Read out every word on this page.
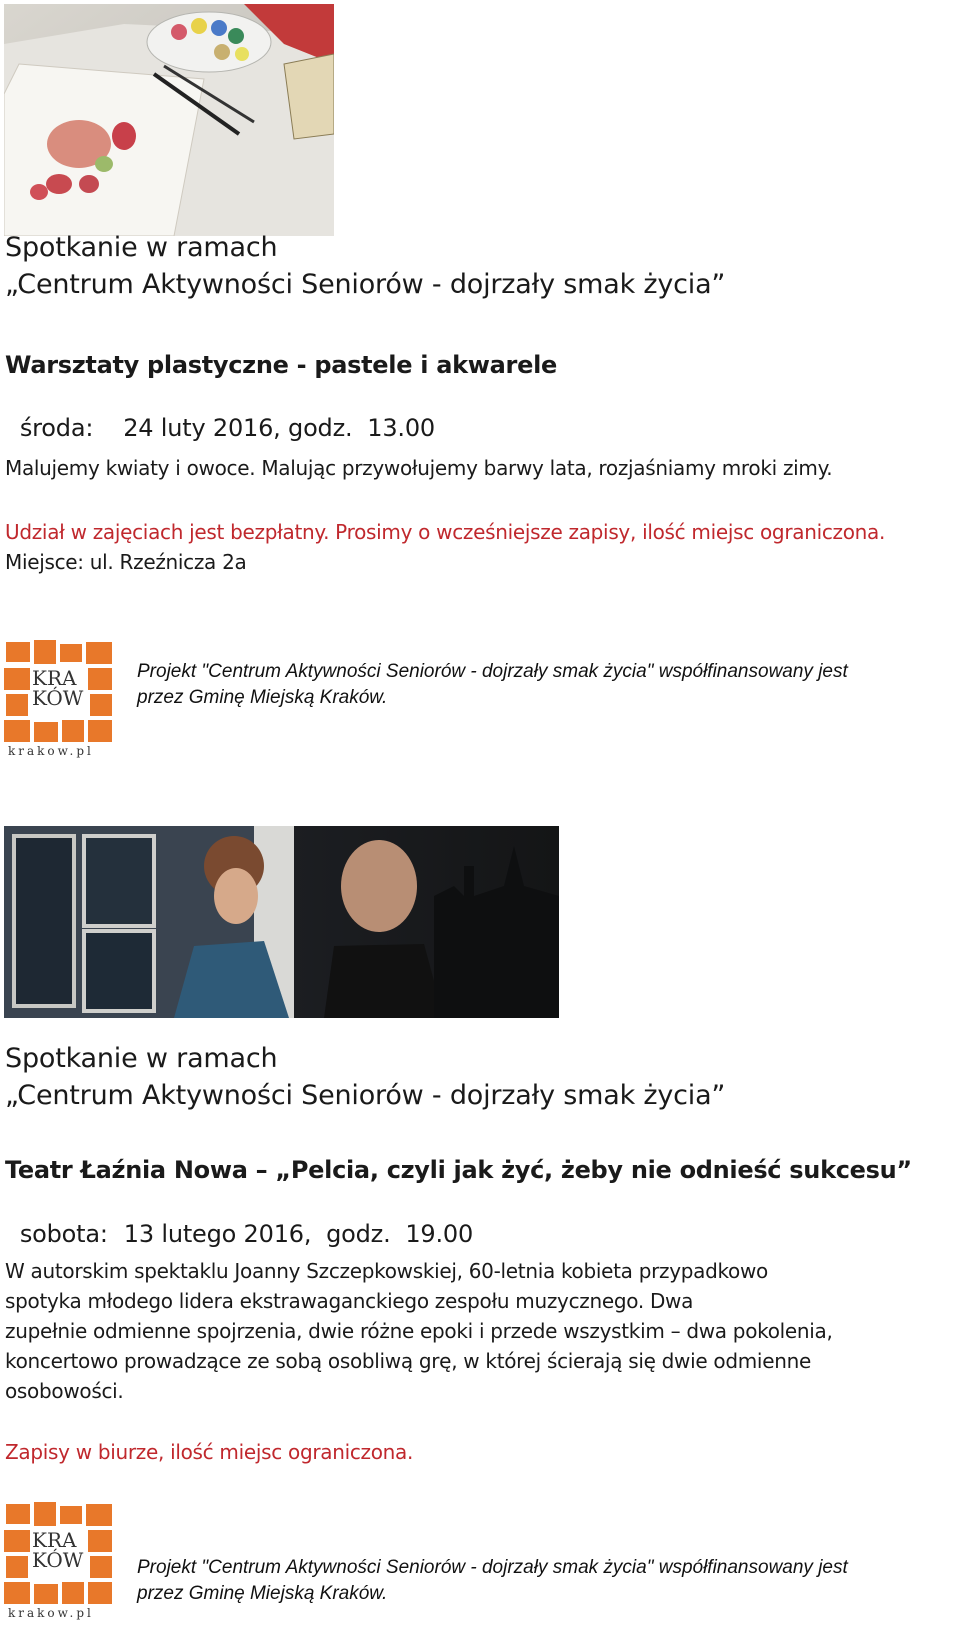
Spotkanie w ramach
„Centrum Aktywności Seniorów - dojrzały smak życia”
Warsztaty plastyczne - pastele i akwarele

środa: 24 luty 2016, godz.  13.00

Malujemy kwiaty i owoce. Malując przywołujemy barwy lata, rozjaśniamy mroki zimy.
Udział w zajęciach jest bezpłatny. Prosimy o wcześniejsze zapisy, ilość miejsc ograniczona.
Miejsce: ul. Rzeźnicza 2a
KRA
KÓW
krakow.pl
Projekt "Centrum Aktywności Seniorów - dojrzały smak życia" współfinansowany jest
przez Gminę Miejską Kraków.
Spotkanie w ramach
„Centrum Aktywności Seniorów - dojrzały smak życia”
Teatr Łaźnia Nowa – „Pelcia, czyli jak żyć, żeby nie odnieść sukcesu”

sobota: 13 lutego 2016,  godz.  19.00

W autorskim spektaklu Joanny Szczepkowskiej, 60-letnia kobieta przypadkowo
spotyka młodego lidera ekstrawaganckiego zespołu muzycznego. Dwa
zupełnie odmienne spojrzenia, dwie różne epoki i przede wszystkim – dwa pokolenia,
koncertowo prowadzące ze sobą osobliwą grę, w której ścierają się dwie odmienne
osobowości.
Zapisy w biurze, ilość miejsc ograniczona.
KRA
KÓW
krakow.pl
Projekt "Centrum Aktywności Seniorów - dojrzały smak życia" współfinansowany jest
przez Gminę Miejską Kraków.
